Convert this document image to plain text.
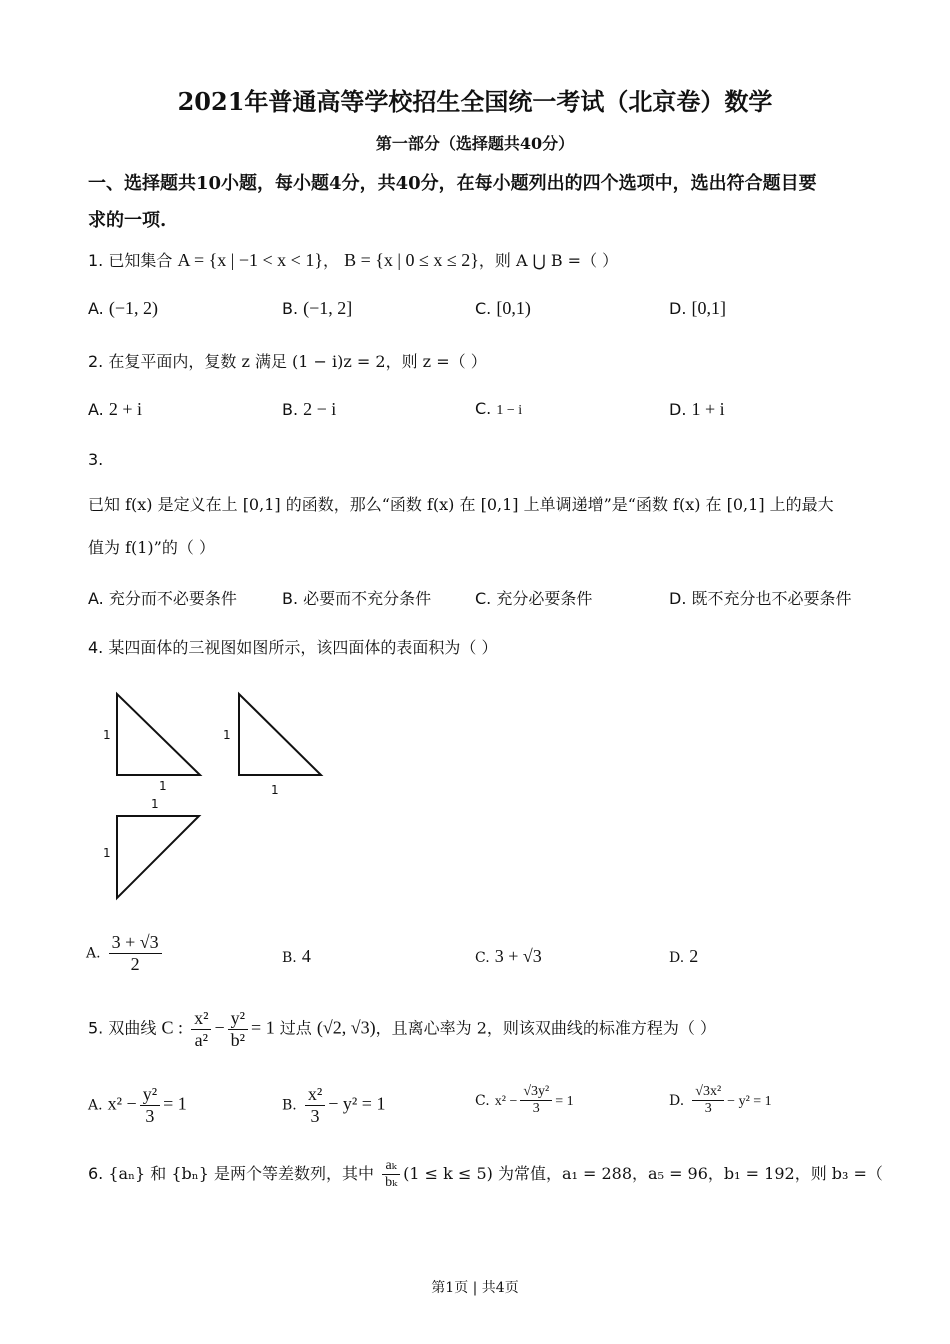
2021年普通高等学校招生全国统一考试（北京卷）数学
第一部分（选择题共40分）
一、选择题共10小题，每小题4分，共40分，在每小题列出的四个选项中，选出符合题目要
求的一项.
1. 已知集合 A = {x | −1 < x < 1}， B = {x | 0 ≤ x ≤ 2}，则 A ⋃ B =（ ）
A. (−1, 2)	B. (−1, 2]	C. [0,1)	D. [0,1]
2. 在复平面内，复数 z 满足 (1 − i)z = 2，则 z =（ ）
A. 2 + i	B. 2 − i	C. 1 − i	D. 1 + i
3.
已知 f(x) 是定义在上 [0,1] 的函数，那么“函数 f(x) 在 [0,1] 上单调递增”是“函数 f(x) 在 [0,1] 上的最大
值为 f(1)”的（ ）
A. 充分而不必要条件	B. 必要而不充分条件	C. 充分必要条件	D. 既不充分也不必要条件
4. 某四面体的三视图如图所示，该四面体的表面积为（ ）
1
1
1
1
1
1
A. $\frac{3 + √3}{2}$	B. 4	C. 3 + √3	D. 2
5. 双曲线 C : $\frac{\text{x²}}{\text{a²}} - \frac{\text{y²}}{\text{b²}} = 1$ 过点 (√2, √3)，且离心率为 2，则该双曲线的标准方程为（ ）
A. $x^2 - \frac{\text{y²}}{3} = 1$	B. $\frac{\text{x²}}{3} - y^2 = 1$	C. $x^2 - \frac{\text{√3y²}}{3} = 1$	D. $\frac{\text{√3x²}}{3} - y^2 = 1$
6. {aₙ} 和 {bₙ} 是两个等差数列，其中 $\frac{\text{aₖ}}{\text{bₖ}} (1 \le k \le 5)$ 为常值，a₁ = 288，a₅ = 96，b₁ = 192，则 b₃ =（
第1页 | 共4页
